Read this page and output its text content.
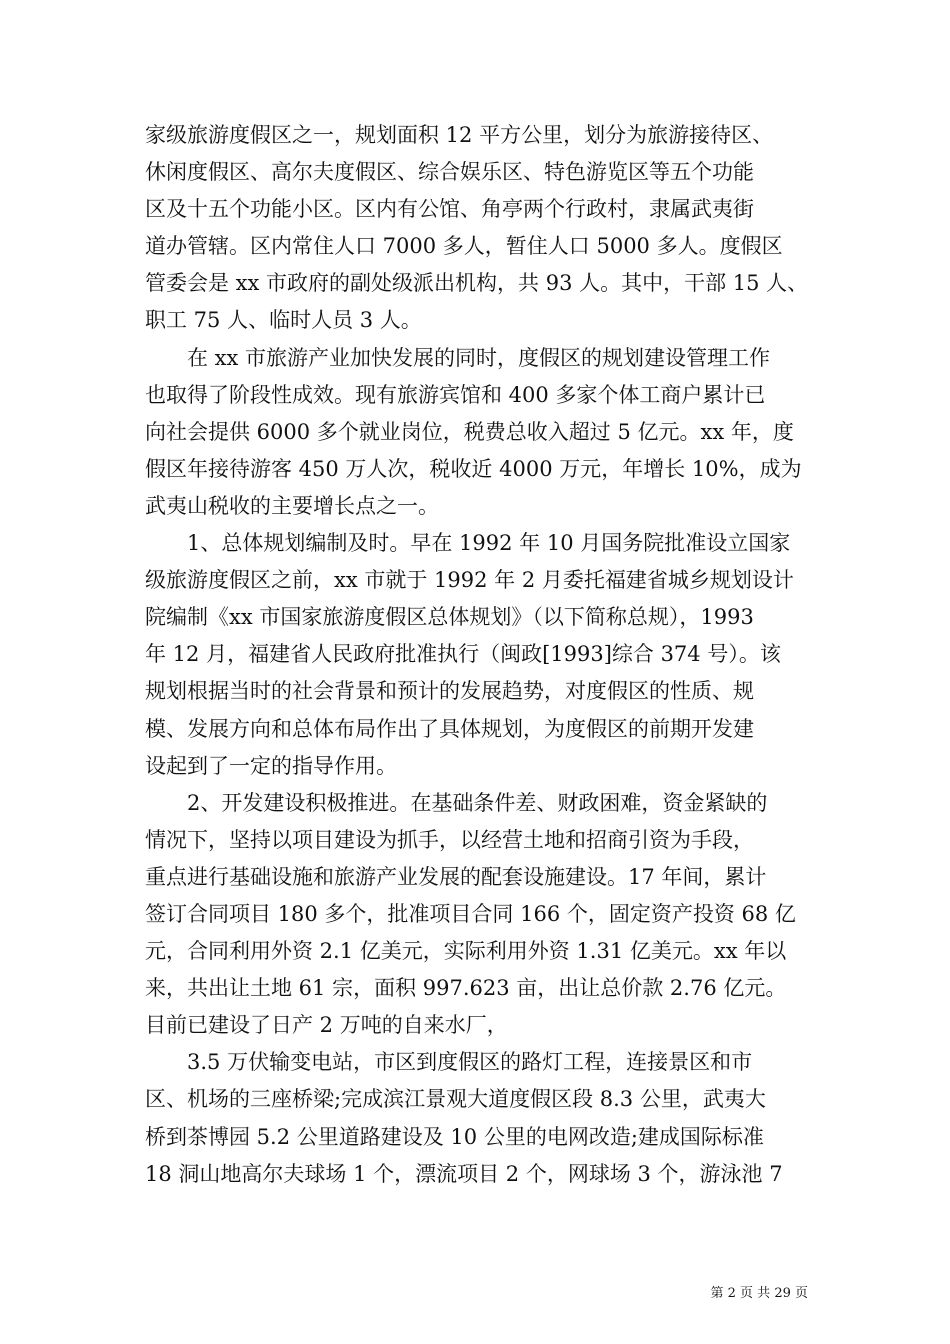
家级旅游度假区之一，规划面积 12 平方公里，划分为旅游接待区、
休闲度假区、高尔夫度假区、综合娱乐区、特色游览区等五个功能
区及十五个功能小区。区内有公馆、角亭两个行政村，隶属武夷街
道办管辖。区内常住人口 7000 多人，暂住人口 5000 多人。度假区
管委会是 xx 市政府的副处级派出机构，共 93 人。其中，干部 15 人、
职工 75 人、临时人员 3 人。
　　在 xx 市旅游产业加快发展的同时，度假区的规划建设管理工作
也取得了阶段性成效。现有旅游宾馆和 400 多家个体工商户累计已
向社会提供 6000 多个就业岗位，税费总收入超过 5 亿元。xx 年，度
假区年接待游客 450 万人次，税收近 4000 万元，年增长 10%，成为
武夷山税收的主要增长点之一。
　　1、总体规划编制及时。早在 1992 年 10 月国务院批准设立国家
级旅游度假区之前，xx 市就于 1992 年 2 月委托福建省城乡规划设计
院编制《xx 市国家旅游度假区总体规划》（以下简称总规），1993
年 12 月，福建省人民政府批准执行（闽政[1993]综合 374 号）。该
规划根据当时的社会背景和预计的发展趋势，对度假区的性质、规
模、发展方向和总体布局作出了具体规划，为度假区的前期开发建
设起到了一定的指导作用。
　　2、开发建设积极推进。在基础条件差、财政困难，资金紧缺的
情况下，坚持以项目建设为抓手，以经营土地和招商引资为手段，
重点进行基础设施和旅游产业发展的配套设施建设。17 年间，累计
签订合同项目 180 多个，批准项目合同 166 个，固定资产投资 68 亿
元，合同利用外资 2.1 亿美元，实际利用外资 1.31 亿美元。xx 年以
来，共出让土地 61 宗，面积 997.623 亩，出让总价款 2.76 亿元。
目前已建设了日产 2 万吨的自来水厂，
　　3.5 万伏输变电站，市区到度假区的路灯工程，连接景区和市
区、机场的三座桥梁;完成滨江景观大道度假区段 8.3 公里，武夷大
桥到茶博园 5.2 公里道路建设及 10 公里的电网改造;建成国际标准
18 洞山地高尔夫球场 1 个，漂流项目 2 个，网球场 3 个，游泳池 7
第 2 页 共 29 页
